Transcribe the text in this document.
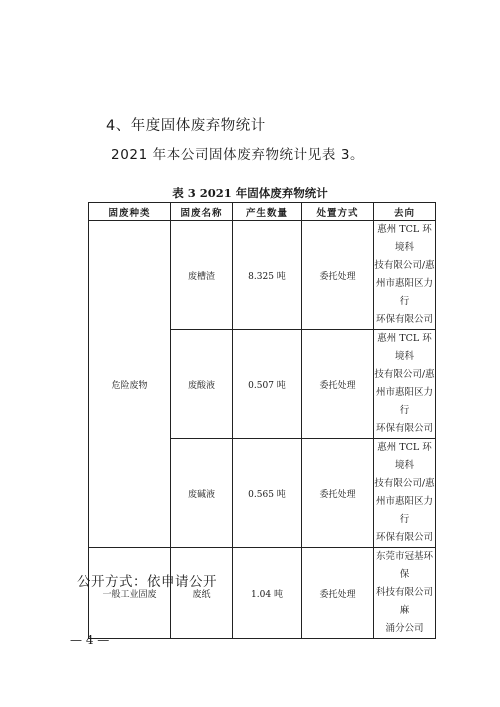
4、年度固体废弃物统计
2021 年本公司固体废弃物统计见表 3。
表 3 2021 年固体废弃物统计
固废种类	固废名称	产生数量	处置方式	去向
危险废物	废槽渣	8.325 吨	委托处理	惠州 TCL 环境科
技有限公司/惠
州市惠阳区力行
环保有限公司

	废酸液	0.507 吨	委托处理	惠州 TCL 环境科
技有限公司/惠
州市惠阳区力行
环保有限公司

	废碱液	0.565 吨	委托处理	惠州 TCL 环境科
技有限公司/惠
州市惠阳区力行
环保有限公司

一般工业固废	废纸	1.04 吨	委托处理	东莞市冠基环保
科技有限公司麻
涌分公司
公开方式：依申请公开
— 4 —
